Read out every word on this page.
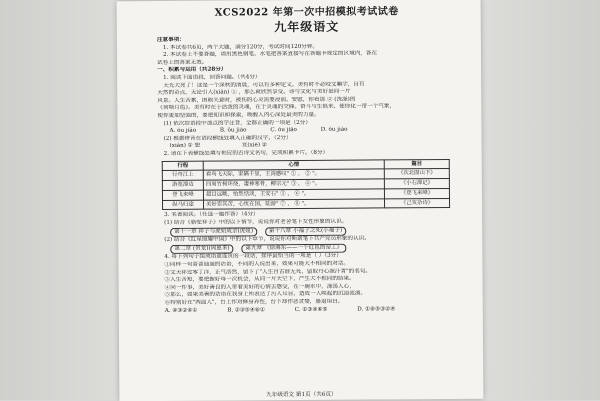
XCS2022 年第一次中招模拟考试试卷
九年级语文
注意事项：
1. 本试卷共6页，两个大题，满分120分，考试时间120分钟。
2. 本试卷上不要答题，请用黑色钢笔、水笔把答案直接写在答题卡规定的区域内，答在
试卷上的答案无效。
一、积累与运用（共28分）
1. 阅读下面语段，回答问题。（共4分）
天光大亮了！这是一个深秋的清晨，可以有多种定义。美有时不必咬文嚼字，自有
天然的奇点，无论引人(xiǎn) ① ，那么就欣然享受。诗与文化与美好是同一片
风景。人生苦累，困顿失意时，被伤的心灵需要浸润、安慰，你看那 ② (洗涤)的
《荷塘月色》。美有时在于活泼的灵魂，在于灵魂的交锋。奋斗与生俱来、使你化一带一个气象，
使你更加坚强的，要把知识和探索，唤醒人内心深处最美的力量。
(1) 依次给语段中加点的字注音，全都正确的一项是（2分）
A. ōu jiāo	B. ōu jiào	C. ǒu jiāo	D. ǒu jiào
(2) 根据拼音在语段横线处填入正确的汉字。（2分）
(xiǎn) ① 想	宣(xiè) ②
2. 请在下表横线处填写相应的古诗文名句，完成积累卡片。（8分）
行程	心情	篇目
行舟江上	看鸟飞天际，家隔千里，王湾感叹" ① ， ② "。	《次北固山下》
游览潭边	四周竹树环绕，凄神寒骨，柳宗元" ③ ， ④ "。	《小石潭记》
登飞来峰	超目远眺，怡然恬淡，王安石" ⑤ ， ⑥ "。	《登飞来峰》
纵马归途	美好宦其苦，心忧在国，陆游" ⑦ ， ⑧ "。	《己亥杂诗》
3. 名著阅读。（任选一题作答）（4分）
(1) 结合《骆驼祥子》中的以下情节，说说你对老舍笔下女性形象的认识。
第十一章 祥子与虎妞成亲(虎妞)	第十八章 小福子之死(小福子)
(2) 结合《红星照耀中国》中的以下章节，说说你对斯诺笔下共产党员形象的认识。
第二章 (贺龙)(周恩来)	第九章 《徐海东——一个红色的窑工》
4. 将下列句子组成语意连贯的一段话，排序最恰当的一项是（ ）（3分）
①同样一句普普通通的话语，不同的人说出来，效果可能大不相同的对话。
②文天祥过零丁洋，正气浩然，留下了"人生自古谁无死，留取丹心照汗青"的名句。
③人生苦短，要把握好每一次机会，从同一片天空下，产生大不相同的结果。
④同一件事，美好善良的人带着美好的心情去感受，在一碗水中，涤荡人心，
⑤那么，如果美善的话语在我身上所表达了污人耳目，造成一人唤起的沉浴流淌。
⑥特别好在"两面人"，台上作对修身养性，台下却作恶贪婪，屡退坦白。
A. ④③②⑥①	B. ②③⑤④⑥①	C. ①③④⑥⑤	D. ①⑥⑤③②④
九年级语文 第1页（共6页）
